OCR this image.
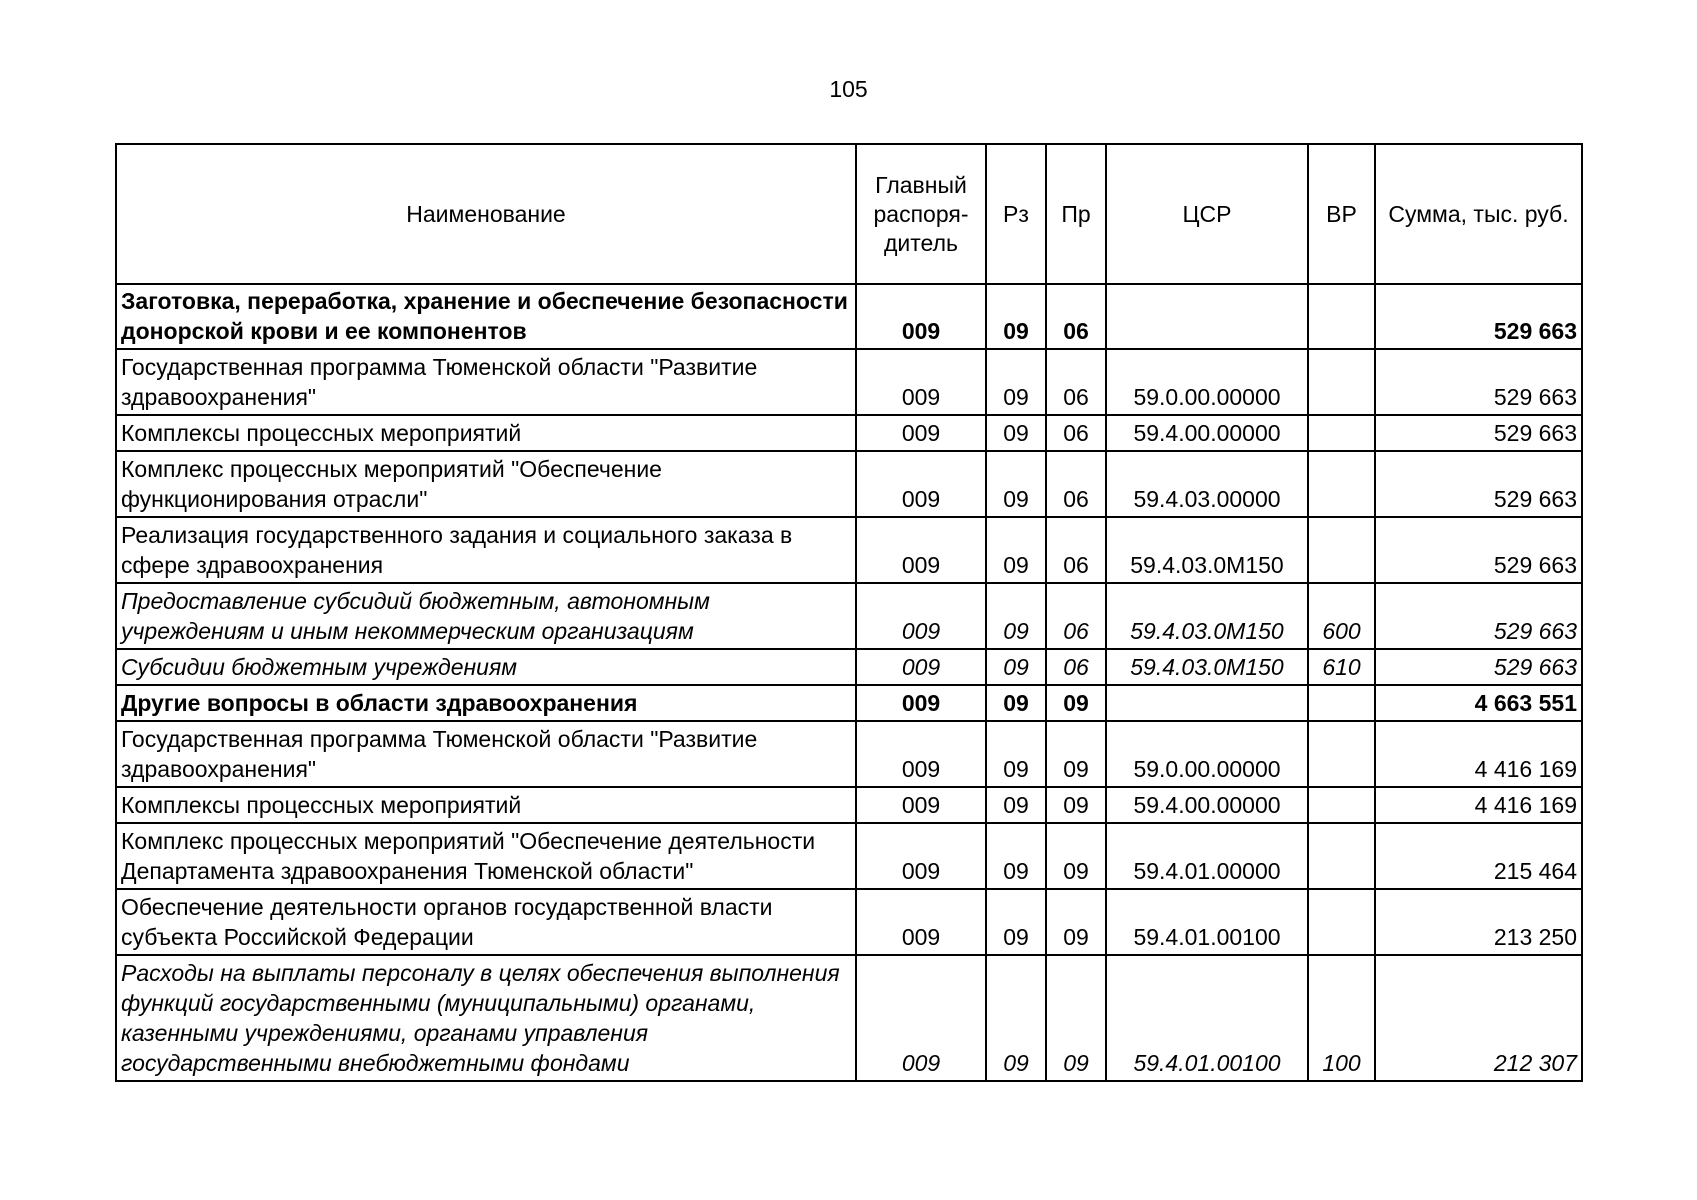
105
Наименование	Главный распоря- дитель	Рз	Пр	ЦСР	ВР	Сумма, тыс. руб.
Заготовка, переработка, хранение и обеспечение безопасности донорской крови и ее компонентов	009	09	06			529 663
Государственная программа Тюменской области "Развитие здравоохранения"	009	09	06	59.0.00.00000		529 663
Комплексы процессных мероприятий	009	09	06	59.4.00.00000		529 663
Комплекс процессных мероприятий "Обеспечение функционирования отрасли"	009	09	06	59.4.03.00000		529 663
Реализация государственного задания и социального заказа в сфере здравоохранения	009	09	06	59.4.03.0М150		529 663
Предоставление субсидий бюджетным, автономным учреждениям и иным некоммерческим организациям	009	09	06	59.4.03.0М150	600	529 663
Субсидии бюджетным учреждениям	009	09	06	59.4.03.0М150	610	529 663
Другие вопросы в области здравоохранения	009	09	09			4 663 551
Государственная программа Тюменской области "Развитие здравоохранения"	009	09	09	59.0.00.00000		4 416 169
Комплексы процессных мероприятий	009	09	09	59.4.00.00000		4 416 169
Комплекс процессных мероприятий "Обеспечение деятельности Департамента здравоохранения Тюменской области"	009	09	09	59.4.01.00000		215 464
Обеспечение деятельности органов государственной власти субъекта Российской Федерации	009	09	09	59.4.01.00100		213 250
Расходы на выплаты персоналу в целях обеспечения выполнения функций государственными (муниципальными) органами, казенными учреждениями, органами управления государственными внебюджетными фондами	009	09	09	59.4.01.00100	100	212 307
